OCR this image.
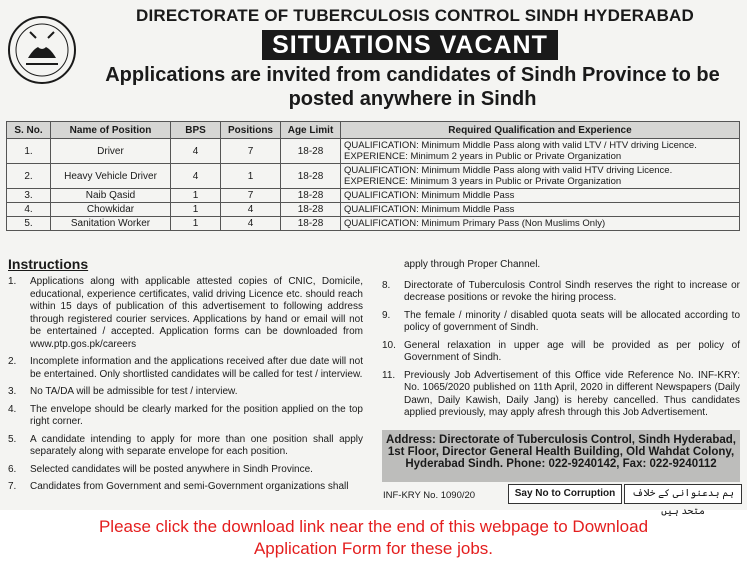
DIRECTORATE OF TUBERCULOSIS CONTROL SINDH HYDERABAD
SITUATIONS VACANT
Applications are invited from candidates of Sindh Province to be posted anywhere in Sindh
S. No.	Name of Position	BPS	Positions	Age Limit	Required Qualification and Experience
1.	Driver	4	7	18-28	QUALIFICATION: Minimum Middle Pass along with valid LTV / HTV driving Licence.
EXPERIENCE: Minimum 2 years in Public or Private Organization

2.	Heavy Vehicle Driver	4	1	18-28	QUALIFICATION: Minimum Middle Pass along with valid HTV driving Licence.
EXPERIENCE: Minimum 3 years in Public or Private Organization

3.	Naib Qasid	1	7	18-28	QUALIFICATION: Minimum Middle Pass
4.	Chowkidar	1	4	18-28	QUALIFICATION: Minimum Middle Pass
5.	Sanitation Worker	1	4	18-28	QUALIFICATION: Minimum Primary Pass (Non Muslims Only)
Instructions
1.	Applications along with applicable attested copies of CNIC, Domicile, educational, experience certificates, valid driving Licence etc. should reach within 15 days of publication of this advertisement to following address through registered courier services. Applications by hand or email will not be entertained / accepted. Application forms can be downloaded from www.ptp.gos.pk/careers
2.	Incomplete information and the applications received after due date will not be entertained. Only shortlisted candidates will be called for test / interview.
3.	No TA/DA will be admissible for test / interview.
4.	The envelope should be clearly marked for the position applied on the top right corner.
5.	A candidate intending to apply for more than one position shall apply separately along with separate envelope for each position.
6.	Selected candidates will be posted anywhere in Sindh Province.
7.	Candidates from Government and semi-Government organizations shall
apply through Proper Channel.
8.	Directorate of Tuberculosis Control Sindh reserves the right to increase or decrease positions or revoke the hiring process.
9.	The female / minority / disabled quota seats will be allocated according to policy of government of Sindh.
10. General relaxation in upper age will be provided as per policy of Government of Sindh.
11. Previously Job Advertisement of this Office vide Reference No. INF-KRY: No. 1065/2020 published on 11th April, 2020 in different Newspapers (Daily Dawn, Daily Kawish, Daily Jang) is hereby cancelled. Thus candidates applied previously, may apply afresh through this Job Advertisement.
Address: Directorate of Tuberculosis Control, Sindh Hyderabad,
1st Floor, Director General Health Building, Old Wahdat Colony,
Hyderabad Sindh. Phone: 022-9240142, Fax: 022-9240112
INF-KRY No. 1090/20	Say No to Corruption	ہم بدعنوانی کے خلاف متحد ہیں
Please click the download link near the end of this webpage to Download
Application Form for these jobs.
